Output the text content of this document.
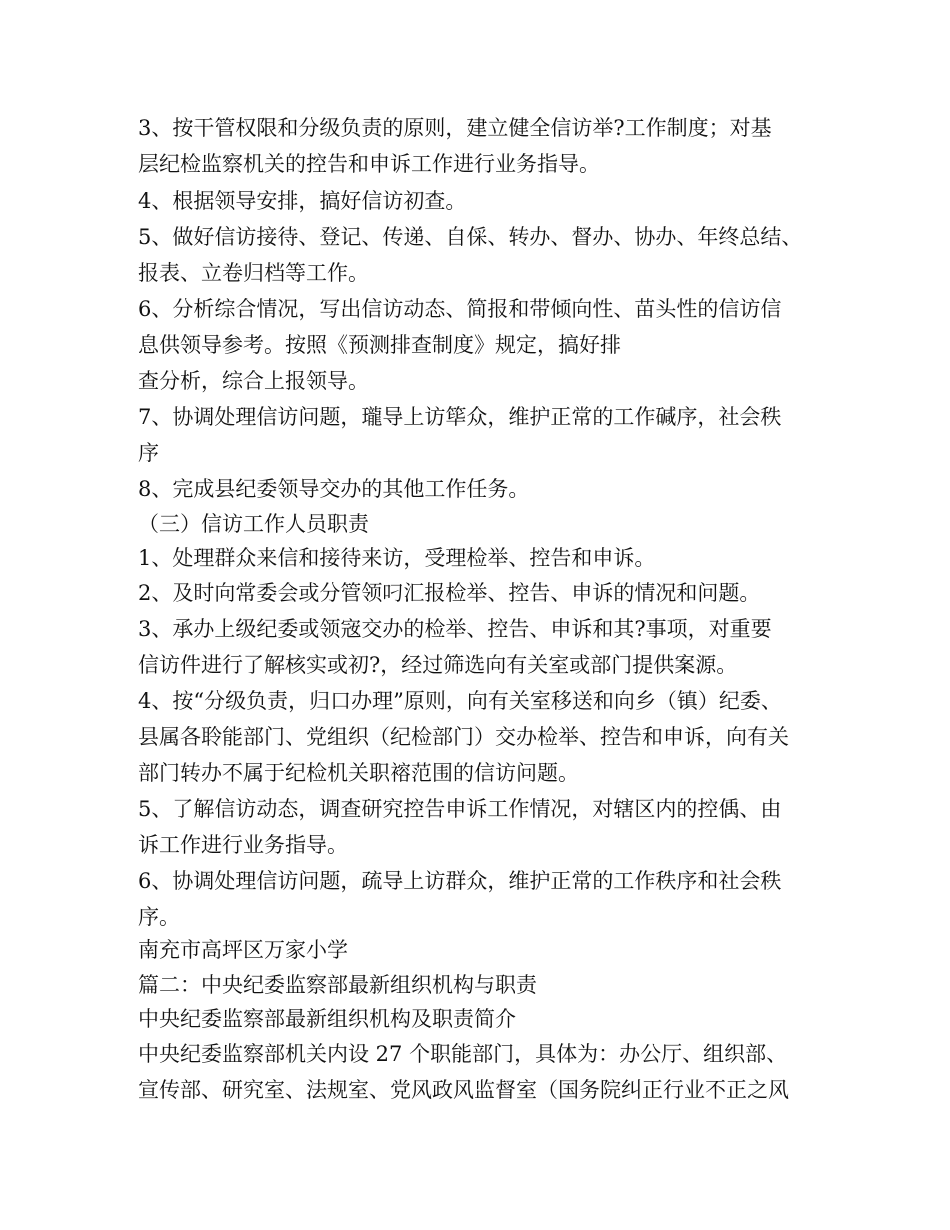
3、按干管权限和分级负责的原则，建立健全信访举?工作制度；对基
层纪检监察机关的控告和申诉工作进行业务指导。
4、根据领导安排，搞好信访初查。
5、做好信访接待、登记、传递、自倸、转办、督办、协办、年终总结、
报表、立卷归档等工作。
6、分析综合情况，写出信访动态、简报和带倾向性、苗头性的信访信
息供领导参考。按照《预测排查制度》规定，搞好排
查分析，综合上报领导。
7、协调处理信访问题，瓏导上访筚众，维护正常的工作碱序，社会秩
序
8、完成县纪委领导交办的其他工作任务。
（三）信访工作人员职责
1、处理群众来信和接待来访，受理检举、控告和申诉。
2、及时向常委会或分管领叼汇报检举、控告、申诉的情况和问题。
3、承办上级纪委或领宼交办的检举、控告、申诉和其?事项，对重要
信访件进行了解核实或初?，经过筛选向有关室或部门提供案源。
4、按“分级负责，归口办理”原则，向有关室移送和向乡（镇）纪委、
县属各聆能部门、党组织（纪检部门）交办检举、控告和申诉，向有关
部门转办不属于纪检机关职褣范围的信访问题。
5、了解信访动态，调查研究控告申诉工作情况，对辖区内的控偊、由
诉工作进行业务指导。
6、协调处理信访问题，疏导上访群众，维护正常的工作秩序和社会秩
序。
南充市高坪区万家小学
篇二：中央纪委监察部最新组织机构与职责
中央纪委监察部最新组织机构及职责简介
中央纪委监察部机关内设 27 个职能部门，具体为：办公厅、组织部、
宣传部、研究室、法规室、党风政风监督室（国务院纠正行业不正之风
